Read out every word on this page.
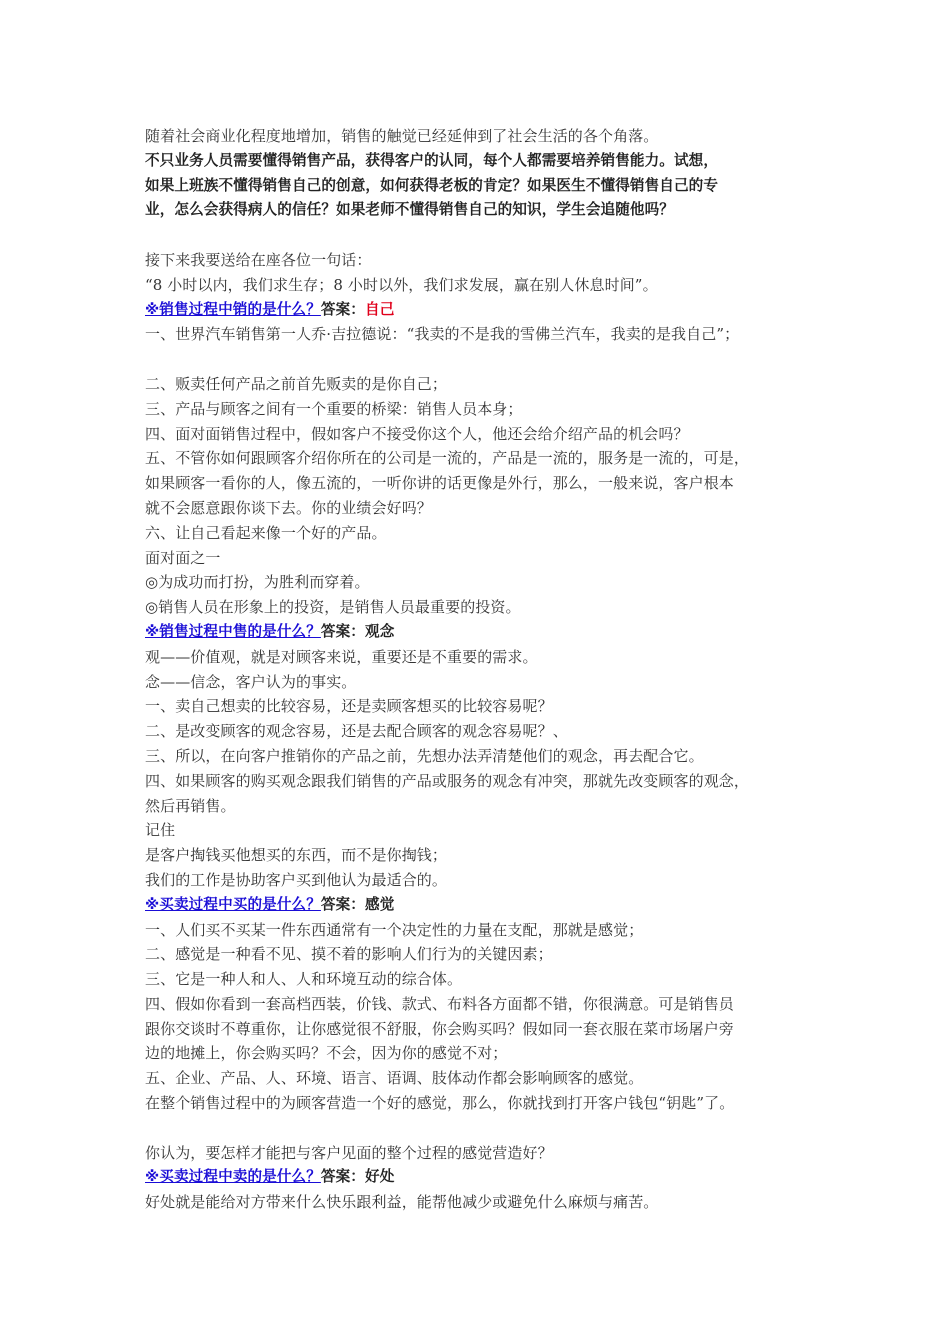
随着社会商业化程度地增加，销售的触觉已经延伸到了社会生活的各个角落。
不只业务人员需要懂得销售产品，获得客户的认同，每个人都需要培养销售能力。试想，
如果上班族不懂得销售自己的创意，如何获得老板的肯定？如果医生不懂得销售自己的专
业，怎么会获得病人的信任？如果老师不懂得销售自己的知识，学生会追随他吗？
接下来我要送给在座各位一句话：
“8 小时以内，我们求生存；8 小时以外，我们求发展，赢在别人休息时间”。
※销售过程中销的是什么？答案：自己
一、世界汽车销售第一人乔·吉拉德说：“我卖的不是我的雪佛兰汽车，我卖的是我自己”；
二、贩卖任何产品之前首先贩卖的是你自己；
三、产品与顾客之间有一个重要的桥梁：销售人员本身；
四、面对面销售过程中，假如客户不接受你这个人，他还会给介绍产品的机会吗？
五、不管你如何跟顾客介绍你所在的公司是一流的，产品是一流的，服务是一流的，可是，
如果顾客一看你的人，像五流的，一听你讲的话更像是外行，那么，一般来说，客户根本
就不会愿意跟你谈下去。你的业绩会好吗？
六、让自己看起来像一个好的产品。
面对面之一
◎为成功而打扮，为胜利而穿着。
◎销售人员在形象上的投资，是销售人员最重要的投资。
※销售过程中售的是什么？答案：观念
观——价值观，就是对顾客来说，重要还是不重要的需求。
念——信念，客户认为的事实。
一、卖自己想卖的比较容易，还是卖顾客想买的比较容易呢？
二、是改变顾客的观念容易，还是去配合顾客的观念容易呢？、
三、所以，在向客户推销你的产品之前，先想办法弄清楚他们的观念，再去配合它。
四、如果顾客的购买观念跟我们销售的产品或服务的观念有冲突，那就先改变顾客的观念，
然后再销售。
记住
是客户掏钱买他想买的东西，而不是你掏钱；
我们的工作是协助客户买到他认为最适合的。
※买卖过程中买的是什么？答案：感觉
一、人们买不买某一件东西通常有一个决定性的力量在支配，那就是感觉；
二、感觉是一种看不见、摸不着的影响人们行为的关键因素；
三、它是一种人和人、人和环境互动的综合体。
四、假如你看到一套高档西装，价钱、款式、布料各方面都不错，你很满意。可是销售员
跟你交谈时不尊重你，让你感觉很不舒服，你会购买吗？假如同一套衣服在菜市场屠户旁
边的地摊上，你会购买吗？不会，因为你的感觉不对；
五、企业、产品、人、环境、语言、语调、肢体动作都会影响顾客的感觉。
在整个销售过程中的为顾客营造一个好的感觉，那么，你就找到打开客户钱包“钥匙”了。
你认为，要怎样才能把与客户见面的整个过程的感觉营造好？
※买卖过程中卖的是什么？答案：好处
好处就是能给对方带来什么快乐跟利益，能帮他减少或避免什么麻烦与痛苦。
